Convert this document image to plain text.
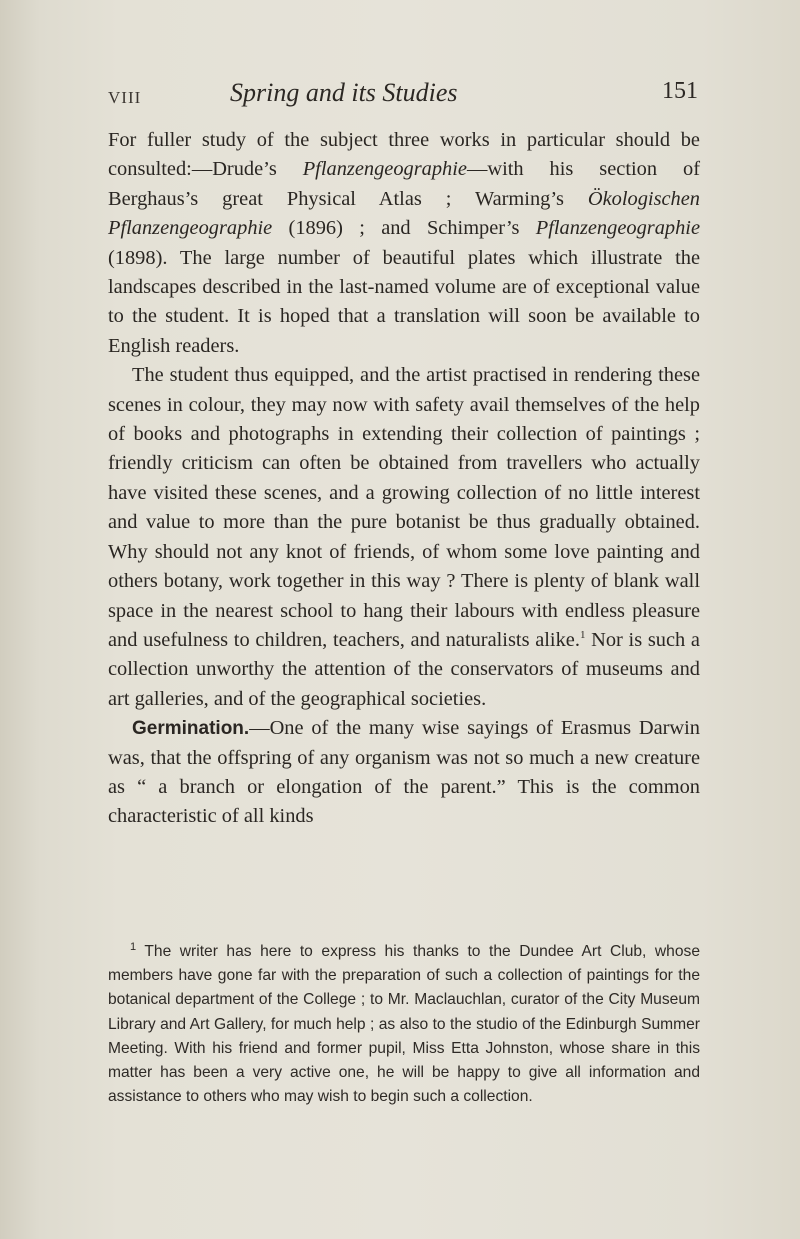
VIII	Spring and its Studies	151

For fuller study of the subject three works in particular should be consulted:—Drude’s Pflanzengeographie—with his section of Berghaus’s great Physical Atlas ; Warming’s Ökologischen Pflanzengeographie (1896) ; and Schimper’s Pflanzengeographie (1898). The large number of beautiful plates which illustrate the landscapes described in the last-named volume are of exceptional value to the student. It is hoped that a translation will soon be available to English readers.

The student thus equipped, and the artist practised in rendering these scenes in colour, they may now with safety avail themselves of the help of books and photographs in extending their collection of paintings ; friendly criticism can often be obtained from travellers who actually have visited these scenes, and a growing collection of no little interest and value to more than the pure botanist be thus gradually obtained. Why should not any knot of friends, of whom some love painting and others botany, work together in this way ? There is plenty of blank wall space in the nearest school to hang their labours with endless pleasure and usefulness to children, teachers, and naturalists alike.$^1$ Nor is such a collection unworthy the attention of the conservators of museums and art galleries, and of the geographical societies.

Germination.—One of the many wise sayings of Erasmus Darwin was, that the offspring of any organism was not so much a new creature as “ a branch or elongation of the parent.” This is the common characteristic of all kinds

$^1$ The writer has here to express his thanks to the Dundee Art Club, whose members have gone far with the preparation of such a collection of paintings for the botanical department of the College ; to Mr. Maclauchlan, curator of the City Museum Library and Art Gallery, for much help ; as also to the studio of the Edinburgh Summer Meeting. With his friend and former pupil, Miss Etta Johnston, whose share in this matter has been a very active one, he will be happy to give all information and assistance to others who may wish to begin such a collection.
